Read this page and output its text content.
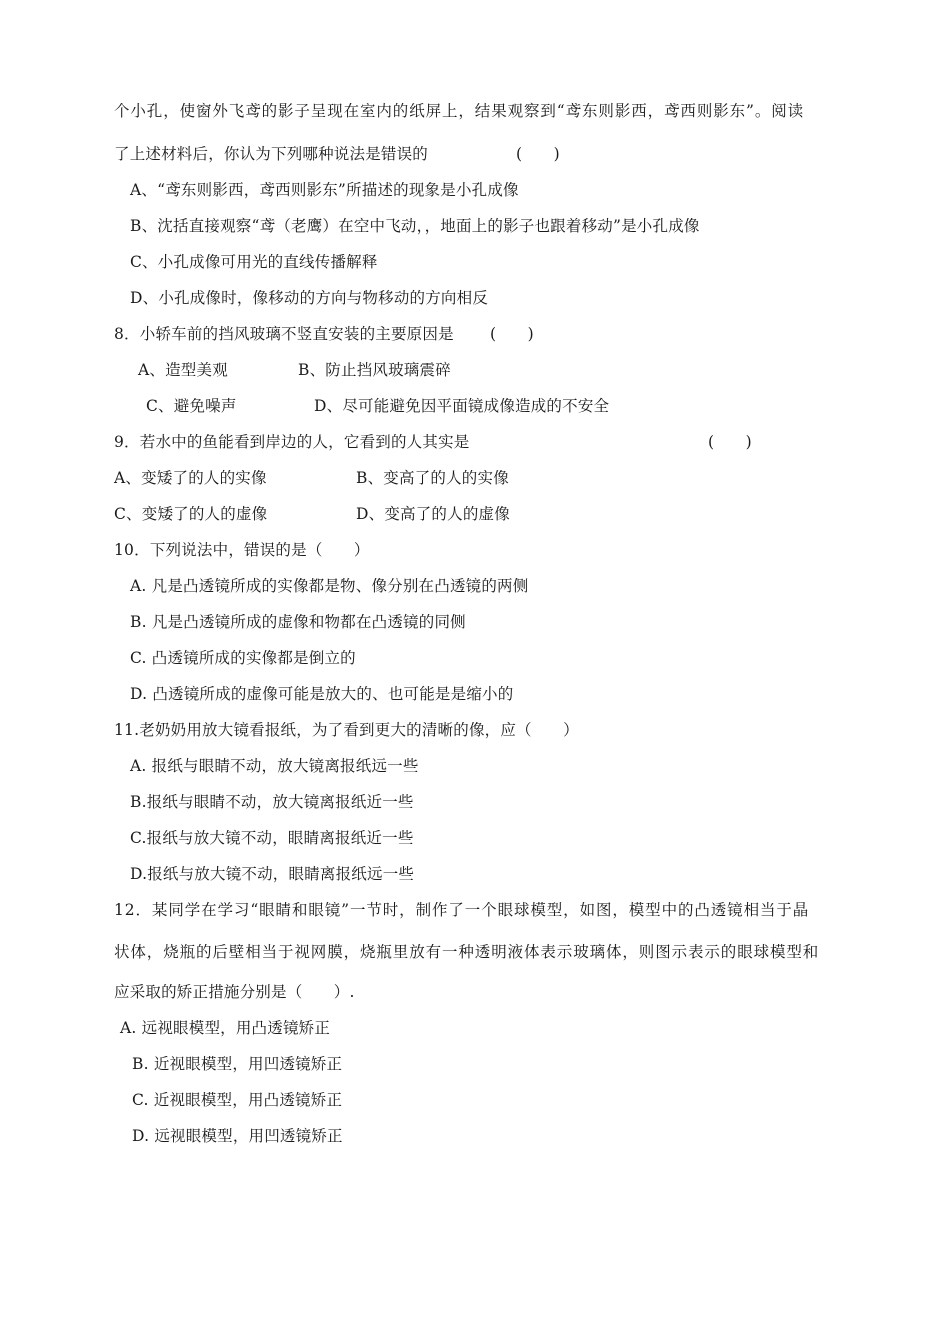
个小孔，使窗外飞鸢的影子呈现在室内的纸屏上，结果观察到“鸢东则影西，鸢西则影东”。阅读
了上述材料后，你认为下列哪种说法是错误的	(　　)
A、“鸢东则影西，鸢西则影东”所描述的现象是小孔成像
B、沈括直接观察“鸢（老鹰）在空中飞动，，地面上的影子也跟着移动”是小孔成像
C、小孔成像可用光的直线传播解释
D、小孔成像时，像移动的方向与物移动的方向相反
8．小轿车前的挡风玻璃不竖直安装的主要原因是 (　　)
A、造型美观	B、防止挡风玻璃震碎
C、避免噪声	D、尽可能避免因平面镜成像造成的不安全
9．若水中的鱼能看到岸边的人，它看到的人其实是	(　　)
A、变矮了的人的实像	B、变高了的人的实像
C、变矮了的人的虚像	D、变高了的人的虚像
10．下列说法中，错误的是（　　）
A. 凡是凸透镜所成的实像都是物、像分别在凸透镜的两侧
B. 凡是凸透镜所成的虚像和物都在凸透镜的同侧
C. 凸透镜所成的实像都是倒立的
D. 凸透镜所成的虚像可能是放大的、也可能是是缩小的
11.老奶奶用放大镜看报纸，为了看到更大的清晰的像，应（　　）
A. 报纸与眼睛不动，放大镜离报纸远一些
B.报纸与眼睛不动，放大镜离报纸近一些
C.报纸与放大镜不动，眼睛离报纸近一些
D.报纸与放大镜不动，眼睛离报纸远一些
12．某同学在学习“眼睛和眼镜”一节时，制作了一个眼球模型，如图，模型中的凸透镜相当于晶
状体，烧瓶的后壁相当于视网膜，烧瓶里放有一种透明液体表示玻璃体，则图示表示的眼球模型和
应采取的矫正措施分别是（　　）.
A. 远视眼模型，用凸透镜矫正
B. 近视眼模型，用凹透镜矫正
C. 近视眼模型，用凸透镜矫正
D. 远视眼模型，用凹透镜矫正
